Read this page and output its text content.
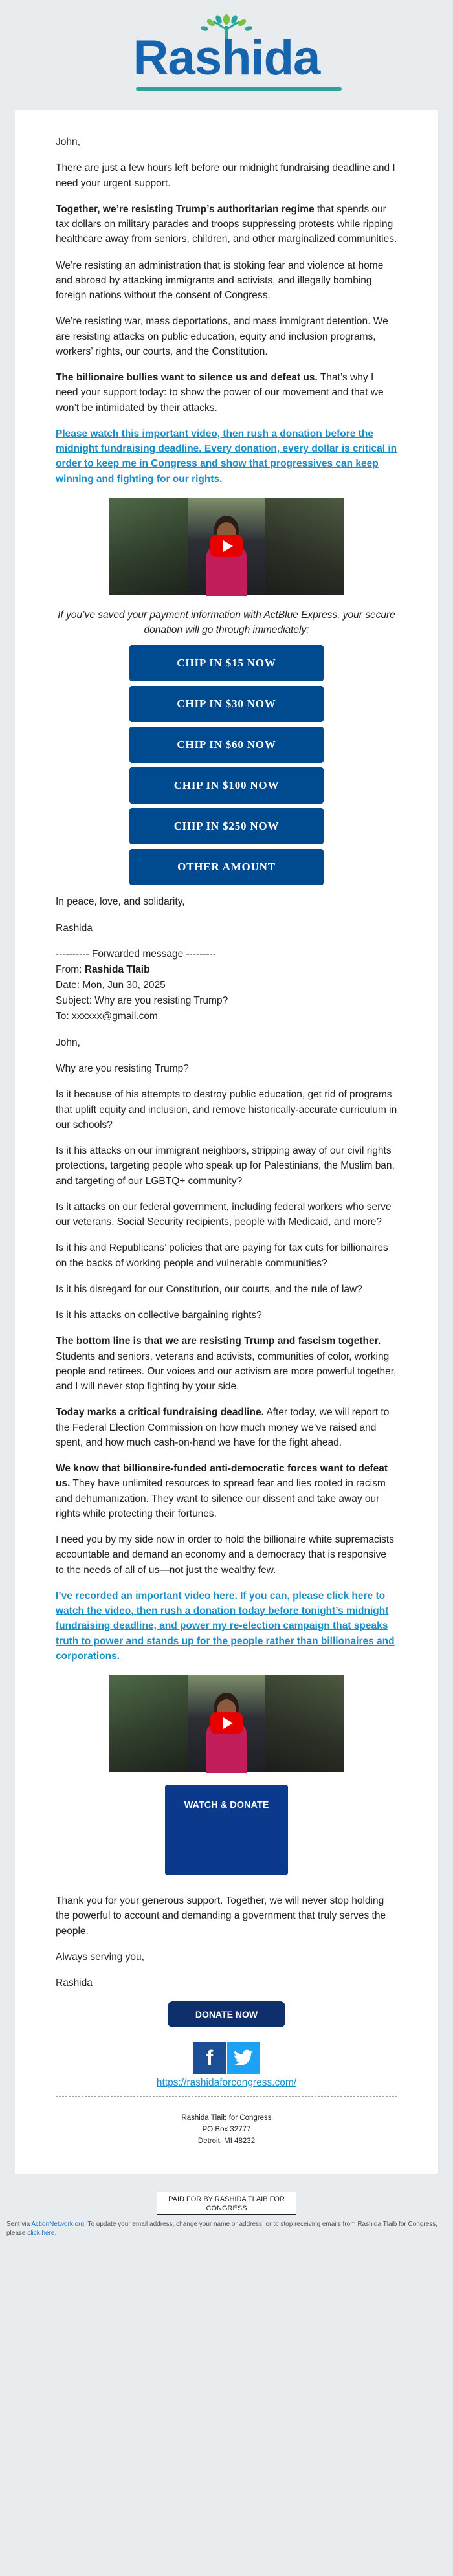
Rashida

John,

There are just a few hours left before our midnight fundraising deadline and I need your urgent support.

Together, we’re resisting Trump’s authoritarian regime that spends our tax dollars on military parades and troops suppressing protests while ripping healthcare away from seniors, children, and other marginalized communities.

We’re resisting an administration that is stoking fear and violence at home and abroad by attacking immigrants and activists, and illegally bombing foreign nations without the consent of Congress.

We’re resisting war, mass deportations, and mass immigrant detention. We are resisting attacks on public education, equity and inclusion programs, workers’ rights, our courts, and the Constitution.

The billionaire bullies want to silence us and defeat us. That’s why I need your support today: to show the power of our movement and that we won’t be intimidated by their attacks.

Please watch this important video, then rush a donation before the midnight fundraising deadline. Every donation, every dollar is critical in order to keep me in Congress and show that progressives can keep winning and fighting for our rights.

If you’ve saved your payment information with ActBlue Express, your secure donation will go through immediately:

CHIP IN $15 NOW
CHIP IN $30 NOW
CHIP IN $60 NOW
CHIP IN $100 NOW
CHIP IN $250 NOW
OTHER AMOUNT

In peace, love, and solidarity,

Rashida

---------- Forwarded message ---------
From: Rashida Tlaib
Date: Mon, Jun 30, 2025
Subject: Why are you resisting Trump?
To: xxxxxx@gmail.com

John,

Why are you resisting Trump?

Is it because of his attempts to destroy public education, get rid of programs that uplift equity and inclusion, and remove historically-accurate curriculum in our schools?

Is it his attacks on our immigrant neighbors, stripping away of our civil rights protections, targeting people who speak up for Palestinians, the Muslim ban, and targeting of our LGBTQ+ community?

Is it attacks on our federal government, including federal workers who serve our veterans, Social Security recipients, people with Medicaid, and more?

Is it his and Republicans’ policies that are paying for tax cuts for billionaires on the backs of working people and vulnerable communities?

Is it his disregard for our Constitution, our courts, and the rule of law?

Is it his attacks on collective bargaining rights?

The bottom line is that we are resisting Trump and fascism together. Students and seniors, veterans and activists, communities of color, working people and retirees. Our voices and our activism are more powerful together, and I will never stop fighting by your side.

Today marks a critical fundraising deadline. After today, we will report to the Federal Election Commission on how much money we’ve raised and spent, and how much cash-on-hand we have for the fight ahead.

We know that billionaire-funded anti-democratic forces want to defeat us. They have unlimited resources to spread fear and lies rooted in racism and dehumanization. They want to silence our dissent and take away our rights while protecting their fortunes.

I need you by my side now in order to hold the billionaire white supremacists accountable and demand an economy and a democracy that is responsive to the needs of all of us—not just the wealthy few.

I’ve recorded an important video here. If you can, please click here to watch the video, then rush a donation today before tonight’s midnight fundraising deadline, and power my re-election campaign that speaks truth to power and stands up for the people rather than billionaires and corporations.
WATCH & DONATE

Thank you for your generous support. Together, we will never stop holding the powerful to account and demanding a government that truly serves the people.

Always serving you,

Rashida

DONATE NOW
f
https://rashidaforcongress.com/
Rashida Tlaib for Congress
PO Box 32777
Detroit, MI 48232
PAID FOR BY RASHIDA TLAIB FOR CONGRESS
Sent via ActionNetwork.org. To update your email address, change your name or address, or to stop receiving emails from Rashida Tlaib for Congress, please click here.
